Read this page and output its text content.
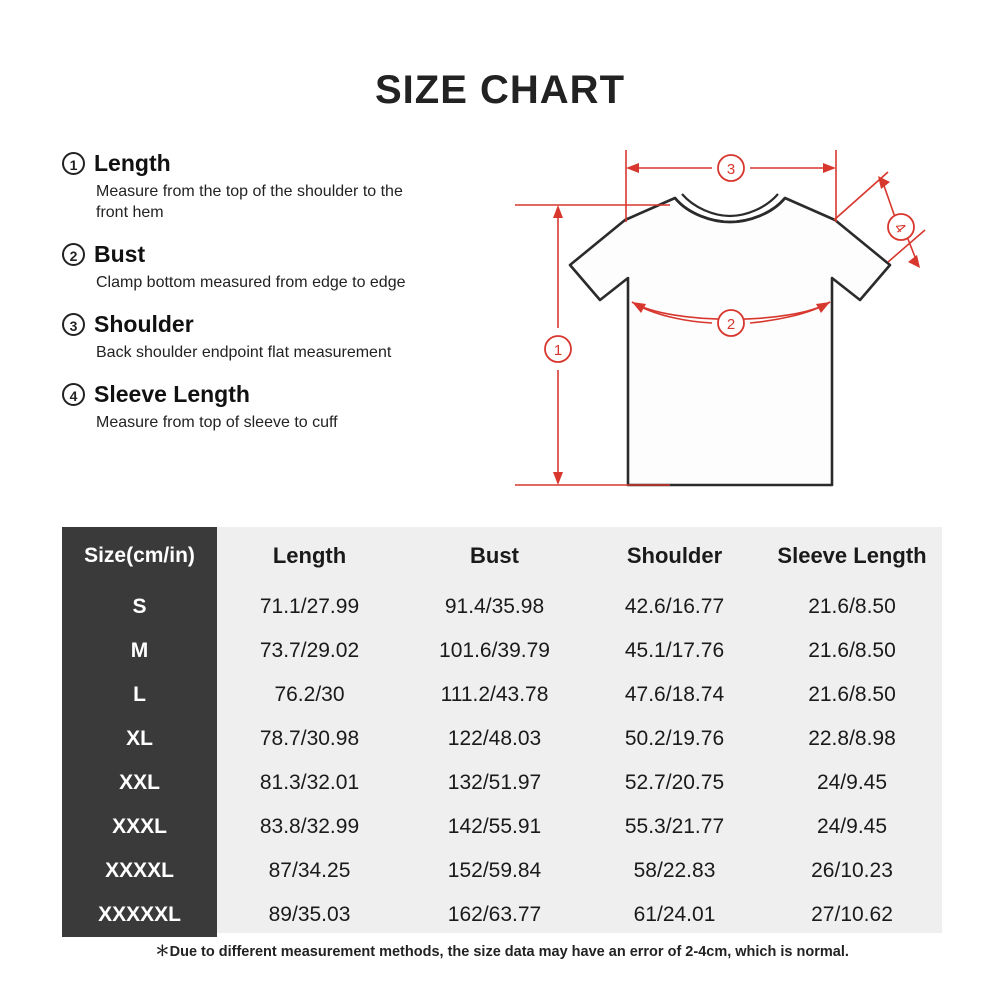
SIZE CHART
1 Length
Measure from the top of the shoulder to the front hem
2 Bust
Clamp bottom measured from edge to edge
3 Shoulder
Back shoulder endpoint flat measurement
4 Sleeve Length
Measure from top of sleeve to cuff
1
2
3
4
Size(cm/in)	Length	Bust	Shoulder	Sleeve Length
S	71.1/27.99	91.4/35.98	42.6/16.77	21.6/8.50
M	73.7/29.02	101.6/39.79	45.1/17.76	21.6/8.50
L	76.2/30	111.2/43.78	47.6/18.74	21.6/8.50
XL	78.7/30.98	122/48.03	50.2/19.76	22.8/8.98
XXL	81.3/32.01	132/51.97	52.7/20.75	24/9.45
XXXL	83.8/32.99	142/55.91	55.3/21.77	24/9.45
XXXXL	87/34.25	152/59.84	58/22.83	26/10.23
XXXXXL	89/35.03	162/63.77	61/24.01	27/10.62
＊Due to different measurement methods, the size data may have an error of 2-4cm, which is normal.
